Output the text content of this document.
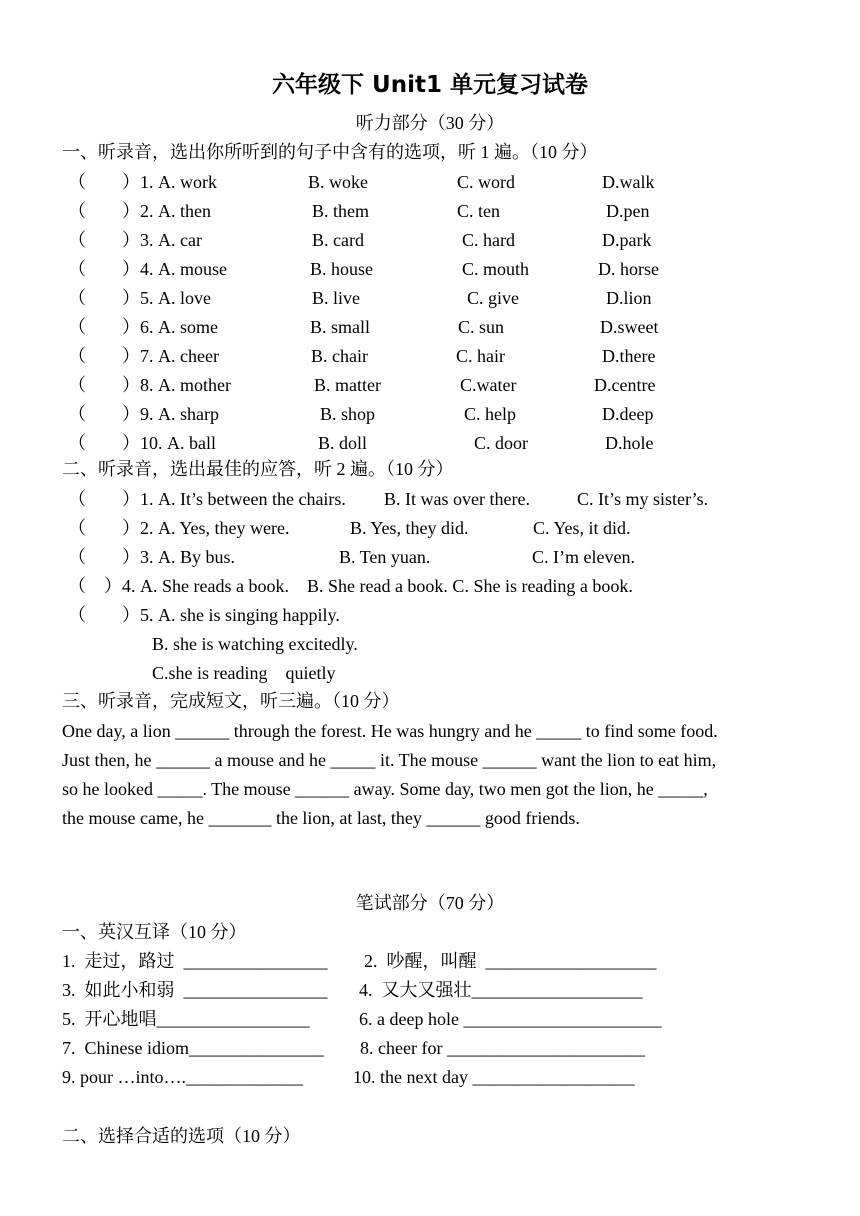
六年级下 Unit1 单元复习试卷
听力部分（30 分）
一、听录音，选出你所听到的句子中含有的选项，听 1 遍。（10 分）
（　　）1. A. work	B. woke	C. word	D.walk
（　　）2. A. then	B. them	C. ten	D.pen
（　　）3. A. car	B. card	C. hard	D.park
（　　）4. A. mouse	B. house	C. mouth	D. horse
（　　）5. A. love	B. live	C. give	D.lion
（　　）6. A. some	B. small	C. sun	D.sweet
（　　）7. A. cheer	B. chair	C. hair	D.there
（　　）8. A. mother	B. matter	C.water	D.centre
（　　）9. A. sharp	B. shop	C. help	D.deep
（　　）10. A. ball	B. doll	C. door	D.hole
二、听录音，选出最佳的应答，听 2 遍。（10 分）
（　　）1. A. It’s between the chairs. B. It was over there.	C. It’s my sister’s.
（　　）2. A. Yes, they were.	B. Yes, they did.	C. Yes, it did.
（　　）3. A. By bus.	B. Ten yuan.	C. I’m eleven.
（　）4. A. She reads a book.    B. She read a book. C. She is reading a book.
（　　）5. A. she is singing happily.
B. she is watching excitedly.
C.she is reading    quietly
三、听录音，完成短文，听三遍。（10 分）
One day, a lion ______ through the forest. He was hungry and he _____ to find some food.
Just then, he ______ a mouse and he _____ it. The mouse ______ want the lion to eat him,
so he looked _____. The mouse ______ away. Some day, two men got the lion, he _____,
the mouse came, he _______ the lion, at last, they ______ good friends.
笔试部分（70 分）
一、英汉互译（10 分）
1.  走过，路过  ________________ 2.  吵醒，叫醒  ___________________
3.  如此小和弱  ________________ 4.  又大又强壮___________________
5.  开心地唱_________________	6. a deep hole ______________________
7.  Chinese idiom_______________ 8. cheer for ______________________
9. pour …into…._____________	10. the next day __________________
二、选择合适的选项（10 分）
